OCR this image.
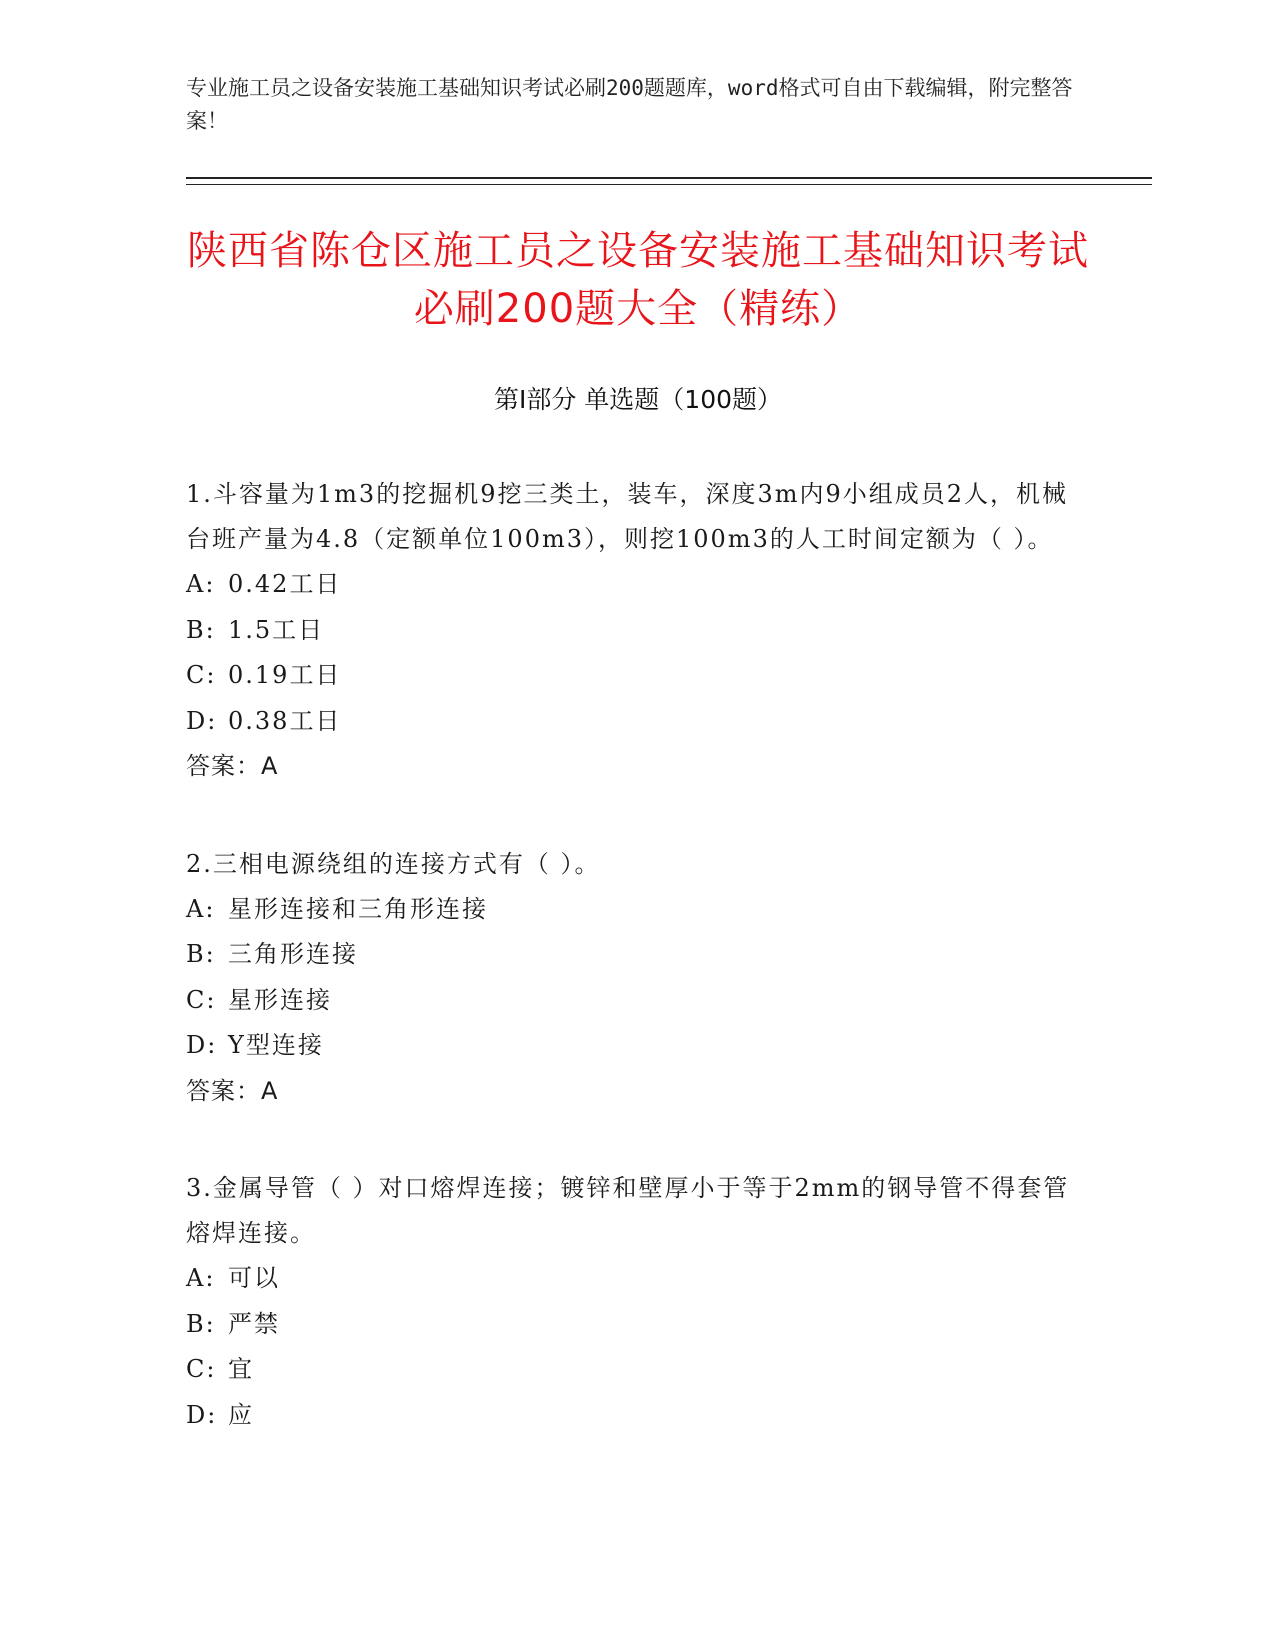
专业施工员之设备安装施工基础知识考试必刷200题题库，word格式可自由下载编辑，附完整答案！
陕西省陈仓区施工员之设备安装施工基础知识考试必刷200题大全（精练）
第I部分 单选题（100题）
1.斗容量为1m3的挖掘机9挖三类土，装车，深度3m内9小组成员2人，机械台班产量为4.8（定额单位100m3），则挖100m3的人工时间定额为（ ）。
A: 0.42工日
B: 1.5工日
C: 0.19工日
D: 0.38工日
答案：A
2.三相电源绕组的连接方式有（ ）。
A: 星形连接和三角形连接
B: 三角形连接
C: 星形连接
D: Y型连接
答案：A
3.金属导管（ ）对口熔焊连接；镀锌和壁厚小于等于2mm的钢导管不得套管熔焊连接。
A: 可以
B: 严禁
C: 宜
D: 应
